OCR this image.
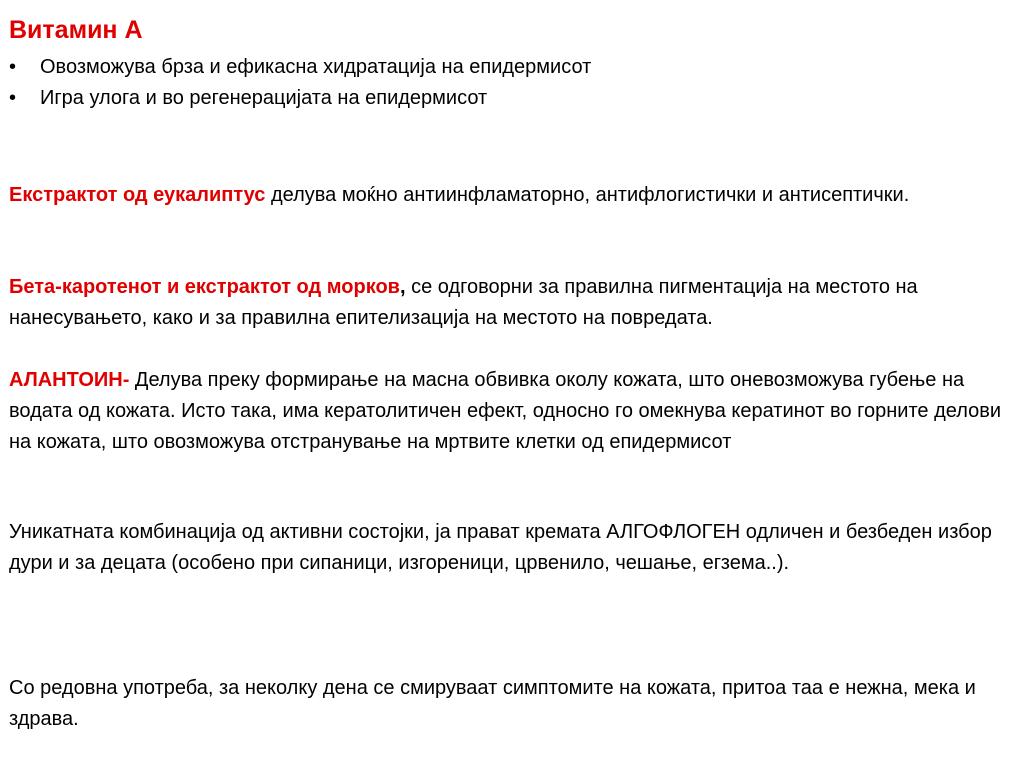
Витамин А
• Овозможува брза и ефикасна хидратација на епидермисот
• Игра улога и во регенерацијата на епидермисот

Екстрактот од еукалиптус делува моќно антиинфламаторно, антифлогистички и антисептички.

Бета-каротенот и екстрактот од морков, се одговорни за правилна пигментација на местото на нанесувањето, како и за правилна епителизација на местото на повредата.

АЛАНТОИН- Делува преку формирање на масна обвивка околу кожата, што оневозможува губење на водата од кожата. Исто така, има кератолитичен ефект, односно го омекнува кератинот во горните делови на кожата, што овозможува отстранување на мртвите клетки од епидермисот

Уникатната комбинација од активни состојки, ја прават кремата АЛГОФЛОГЕН одличен и безбеден избор дури и за децата (особено при сипаници, изгореници, црвенило, чешање, егзема..).

Со редовна употреба, за неколку дена се смируваат симптомите на кожата, притоа таа е нежна, мека и здрава.
